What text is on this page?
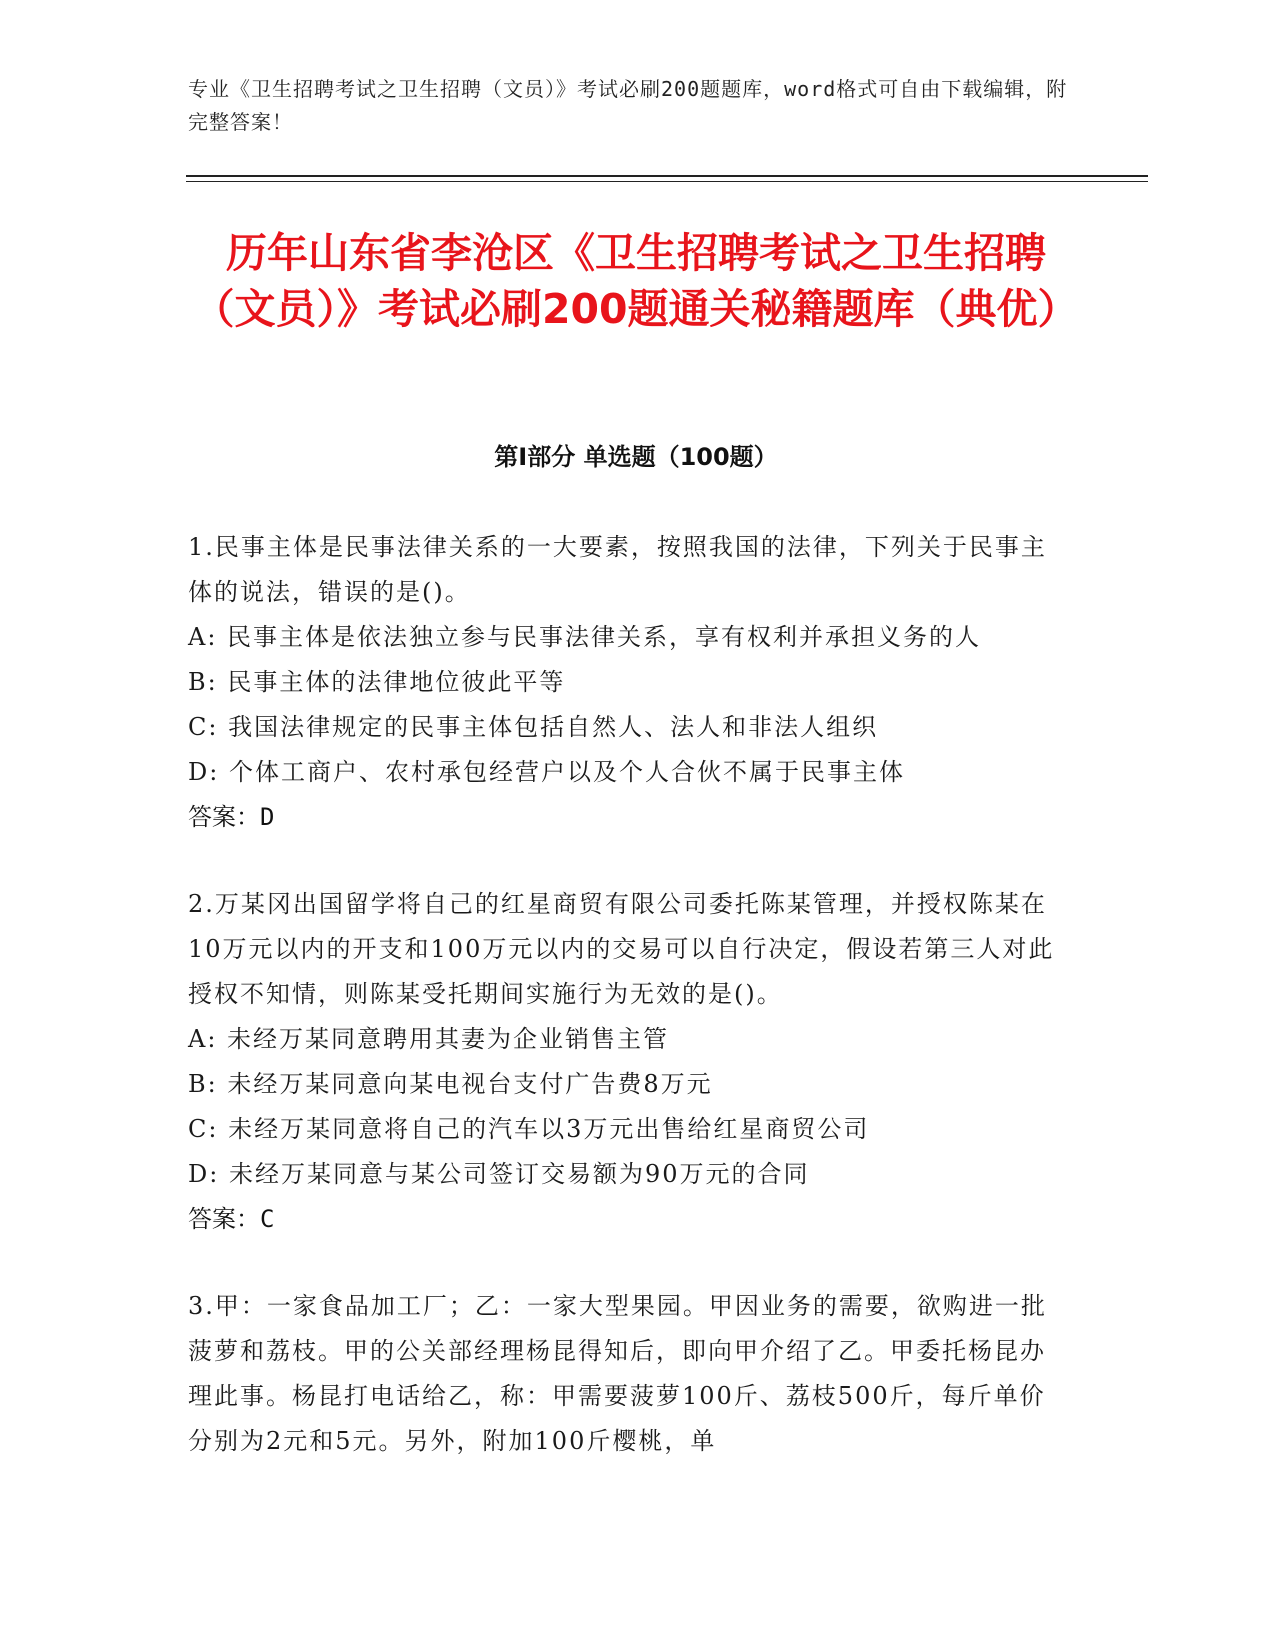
专业《卫生招聘考试之卫生招聘（文员）》考试必刷200题题库，word格式可自由下载编辑，附完整答案！
历年山东省李沧区《卫生招聘考试之卫生招聘（文员）》考试必刷200题通关秘籍题库（典优）
第Ⅰ部分 单选题（100题）

1.民事主体是民事法律关系的一大要素，按照我国的法律，下列关于民事主体的说法，错误的是()。

A: 民事主体是依法独立参与民事法律关系，享有权利并承担义务的人

B: 民事主体的法律地位彼此平等

C: 我国法律规定的民事主体包括自然人、法人和非法人组织

D: 个体工商户、农村承包经营户以及个人合伙不属于民事主体

答案：D

2.万某冈出国留学将自己的红星商贸有限公司委托陈某管理，并授权陈某在10万元以内的开支和100万元以内的交易可以自行决定，假设若第三人对此授权不知情，则陈某受托期间实施行为无效的是()。

A: 未经万某同意聘用其妻为企业销售主管

B: 未经万某同意向某电视台支付广告费8万元

C: 未经万某同意将自己的汽车以3万元出售给红星商贸公司

D: 未经万某同意与某公司签订交易额为90万元的合同

答案：C

3.甲：一家食品加工厂；乙：一家大型果园。甲因业务的需要，欲购进一批菠萝和荔枝。甲的公关部经理杨昆得知后，即向甲介绍了乙。甲委托杨昆办理此事。杨昆打电话给乙，称：甲需要菠萝100斤、荔枝500斤，每斤单价分别为2元和5元。另外，附加100斤樱桃，单
